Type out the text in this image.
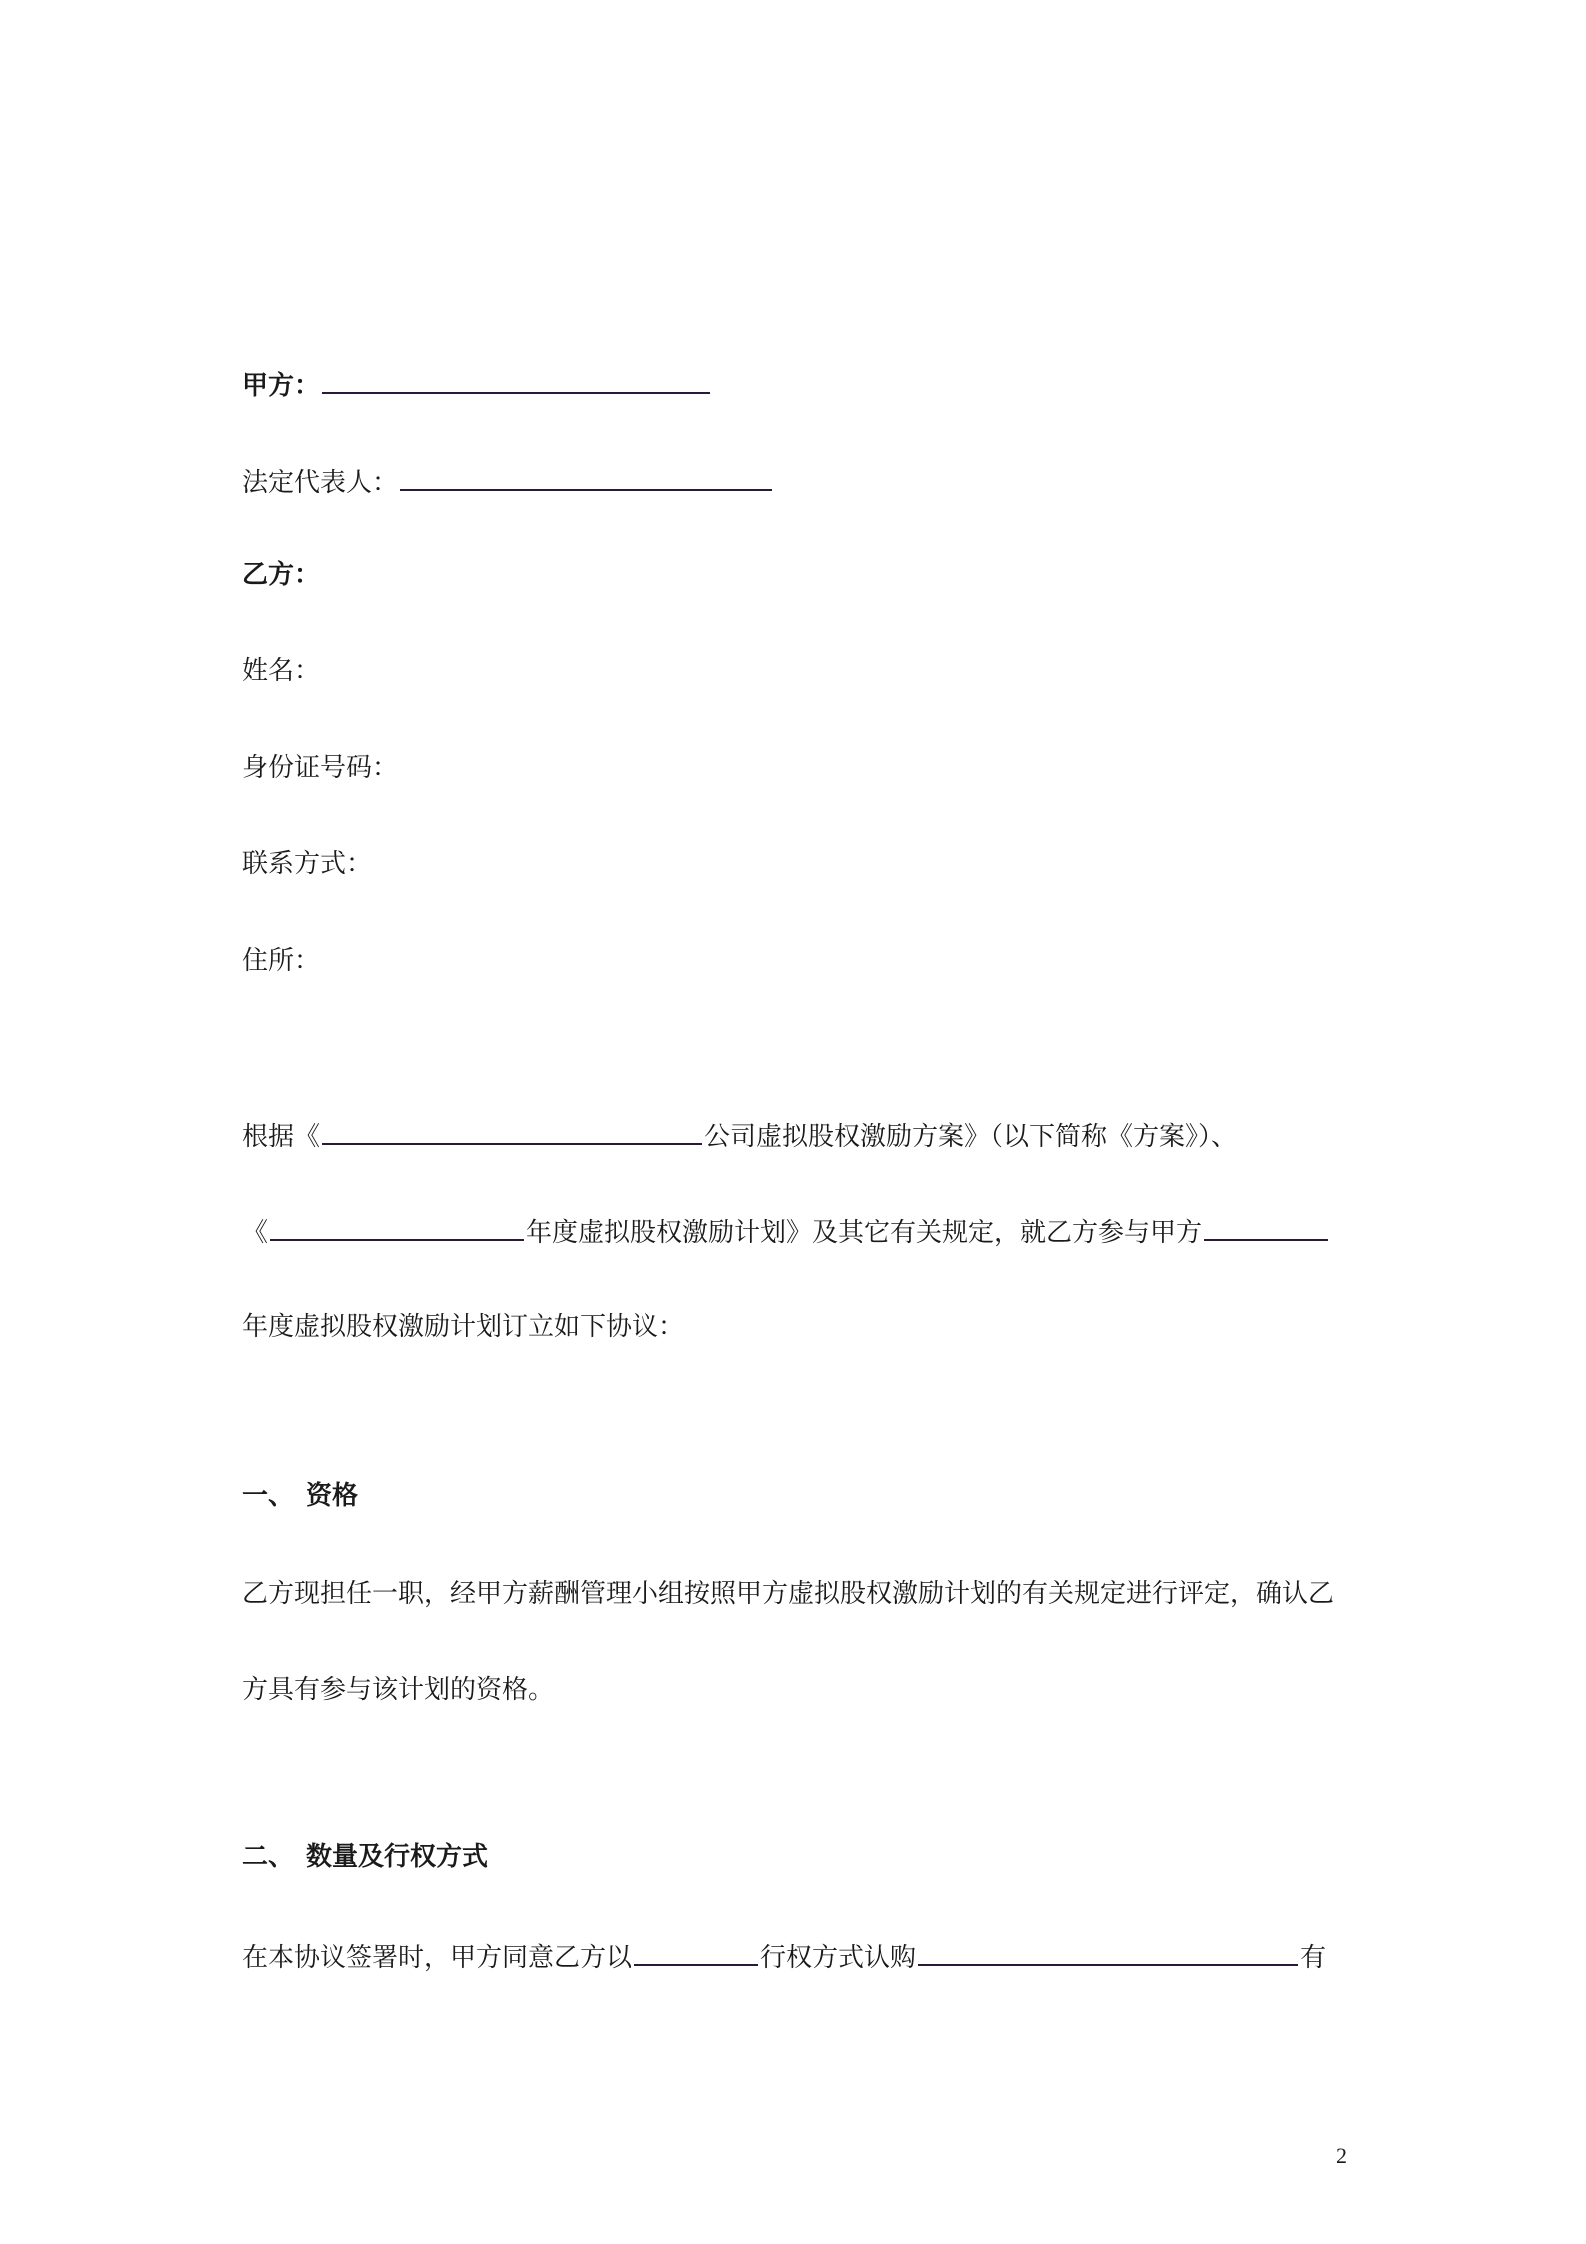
甲方：
法定代表人：
乙方：
姓名：
身份证号码：
联系方式：
住所：
根据《	公司虚拟股权激励方案》（以下简称《方案》）、
《	年度虚拟股权激励计划》及其它有关规定，就乙方参与甲方
年度虚拟股权激励计划订立如下协议：
一、 资格
乙方现担任一职，经甲方薪酬管理小组按照甲方虚拟股权激励计划的有关规定进行评定，确认乙
方具有参与该计划的资格。
二、 数量及行权方式
在本协议签署时，甲方同意乙方以	行权方式认购	有
2
